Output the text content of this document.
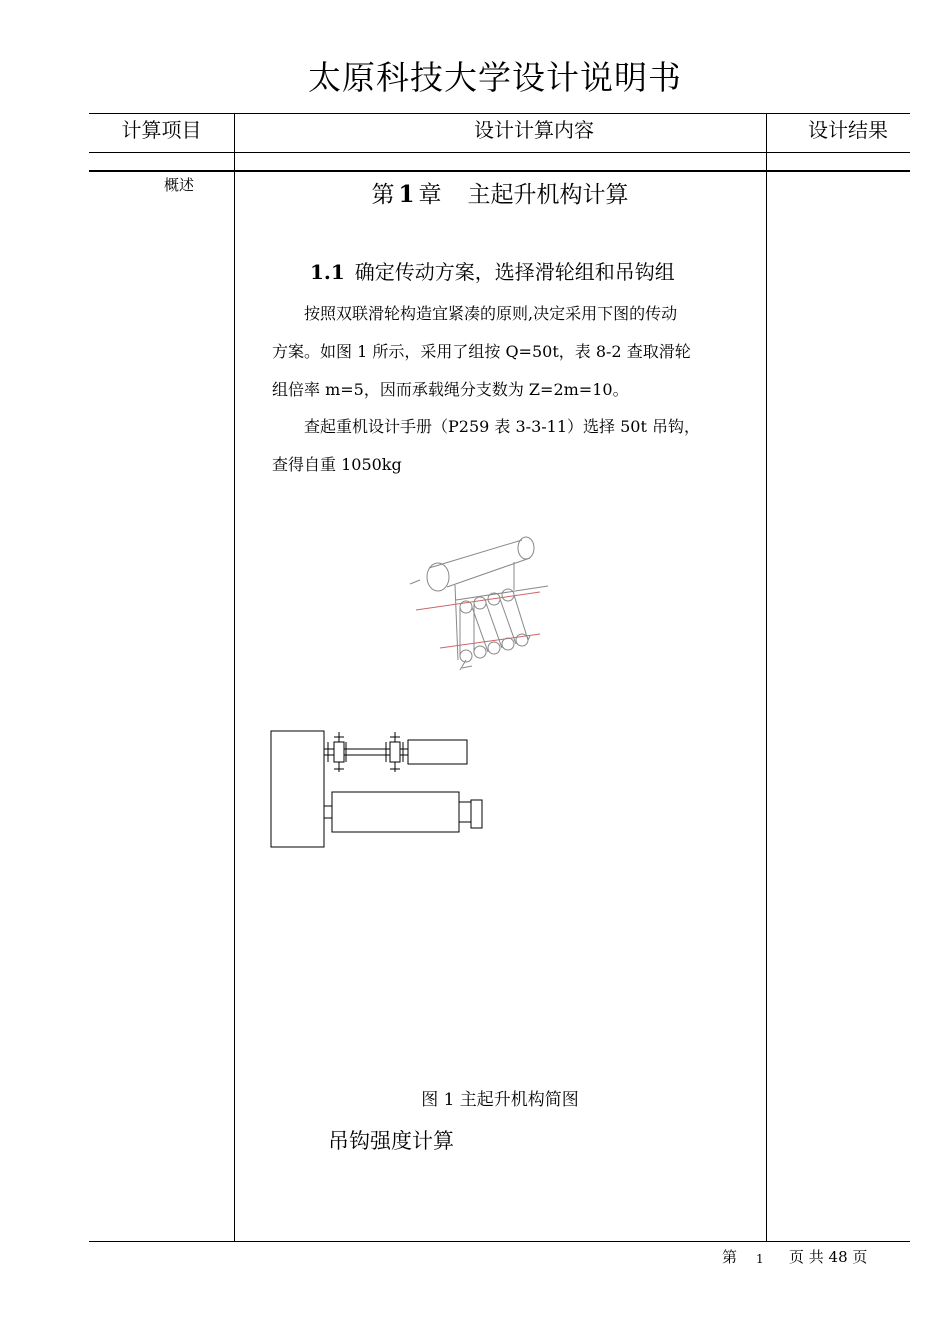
太原科技大学设计说明书
计算项目	设计计算内容	设计结果
概述	第 1 章 主起升机构计算
1.1 确定传动方案，选择滑轮组和吊钩组
按照双联滑轮构造宜紧凑的原则,决定采用下图的传动
方案。如图 1 所示，采用了组按 Q=50t，表 8-2 查取滑轮
组倍率 m=5，因而承载绳分支数为 Z=2m=10。
查起重机设计手册（P259 表 3-3-11）选择 50t 吊钩，
查得自重 1050kg
图 1 主起升机构简图
吊钩强度计算
第 1 页 共 48 页
